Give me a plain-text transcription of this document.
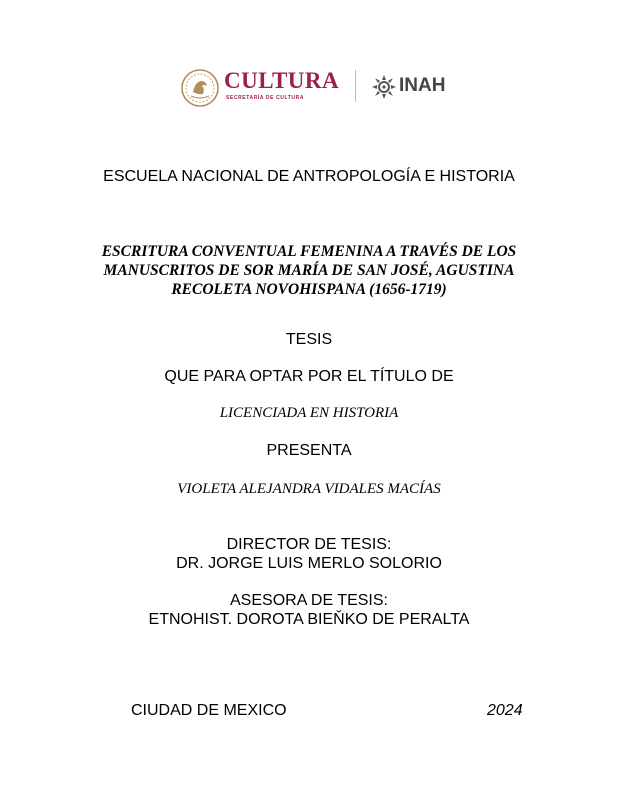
CULTURA
SECRETARÍA DE CULTURA
INAH
ESCUELA NACIONAL DE ANTROPOLOGÍA E HISTORIA
ESCRITURA CONVENTUAL FEMENINA A TRAVÉS DE LOS
MANUSCRITOS DE SOR MARÍA DE SAN JOSÉ, AGUSTINA
RECOLETA NOVOHISPANA (1656-1719)
TESIS
QUE PARA OPTAR POR EL TÍTULO DE
LICENCIADA EN HISTORIA
PRESENTA
VIOLETA ALEJANDRA VIDALES MACÍAS
DIRECTOR DE TESIS:
DR. JORGE LUIS MERLO SOLORIO
ASESORA DE TESIS:
ETNOHIST. DOROTA BIEŇKO DE PERALTA
CIUDAD DE MEXICO	2024
